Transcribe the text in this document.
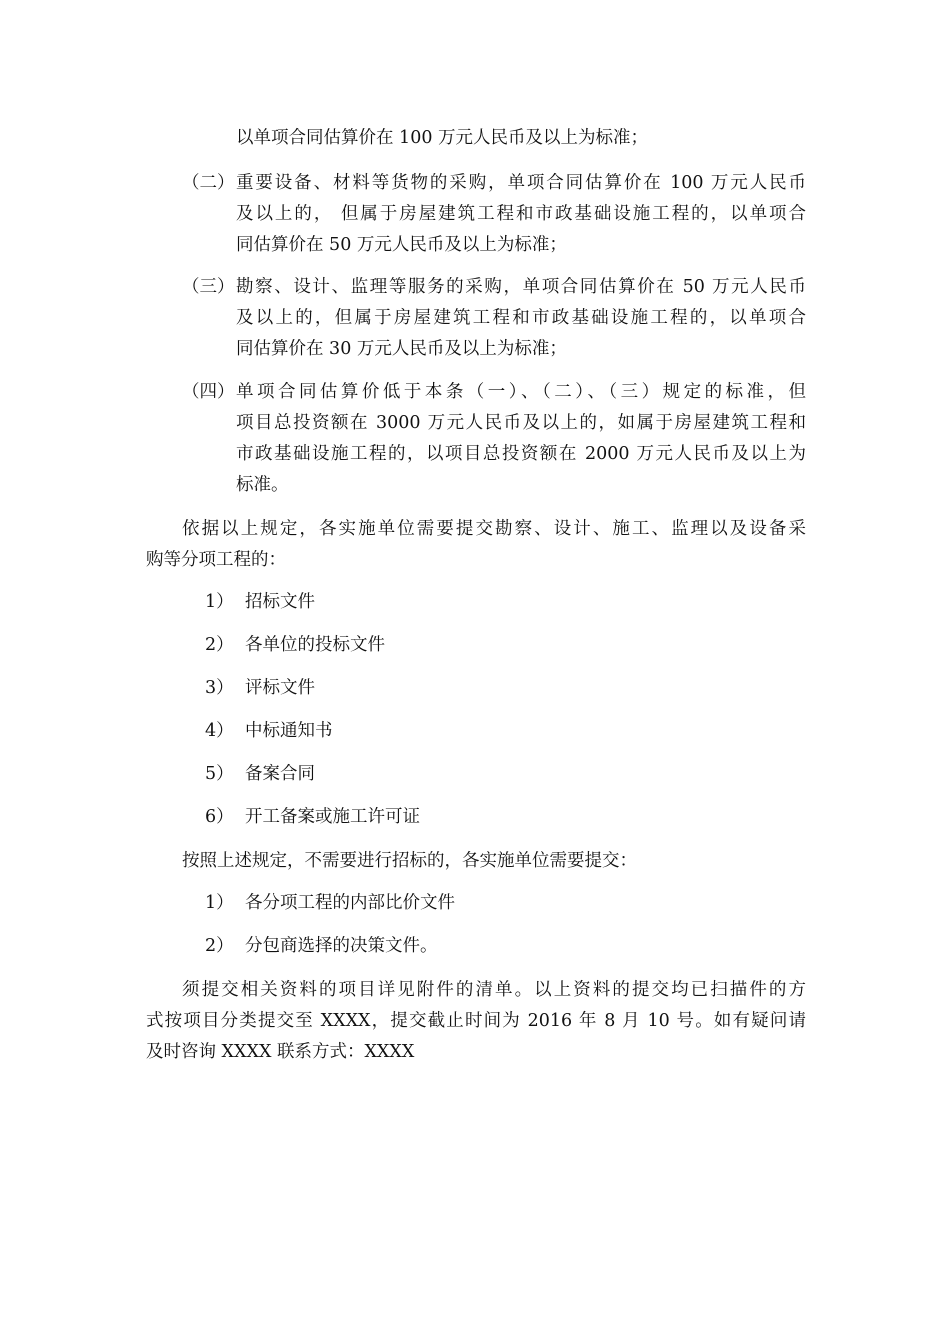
以单项合同估算价在 100 万元人民币及以上为标准；
（二） 重要设备、材料等货物的采购，单项合同估算价在 100 万元人民币
及以上的， 但属于房屋建筑工程和市政基础设施工程的，以单项合
同估算价在 50 万元人民币及以上为标准；
（三） 勘察、设计、监理等服务的采购，单项合同估算价在 50 万元人民币
及以上的，但属于房屋建筑工程和市政基础设施工程的，以单项合
同估算价在 30 万元人民币及以上为标准；
（四） 单项合同估算价低于本条（一）、（二）、（三）规定的标准，但
项目总投资额在 3000 万元人民币及以上的，如属于房屋建筑工程和
市政基础设施工程的，以项目总投资额在 2000 万元人民币及以上为
标准。
依据以上规定，各实施单位需要提交勘察、设计、施工、监理以及设备采
购等分项工程的：
1） 招标文件
2） 各单位的投标文件
3） 评标文件
4） 中标通知书
5） 备案合同
6） 开工备案或施工许可证
按照上述规定，不需要进行招标的，各实施单位需要提交：
1） 各分项工程的内部比价文件
2） 分包商选择的决策文件。
须提交相关资料的项目详见附件的清单。以上资料的提交均已扫描件的方
式按项目分类提交至 XXXX，提交截止时间为 2016 年 8 月 10 号。如有疑问请
及时咨询 XXXX 联系方式：XXXX
